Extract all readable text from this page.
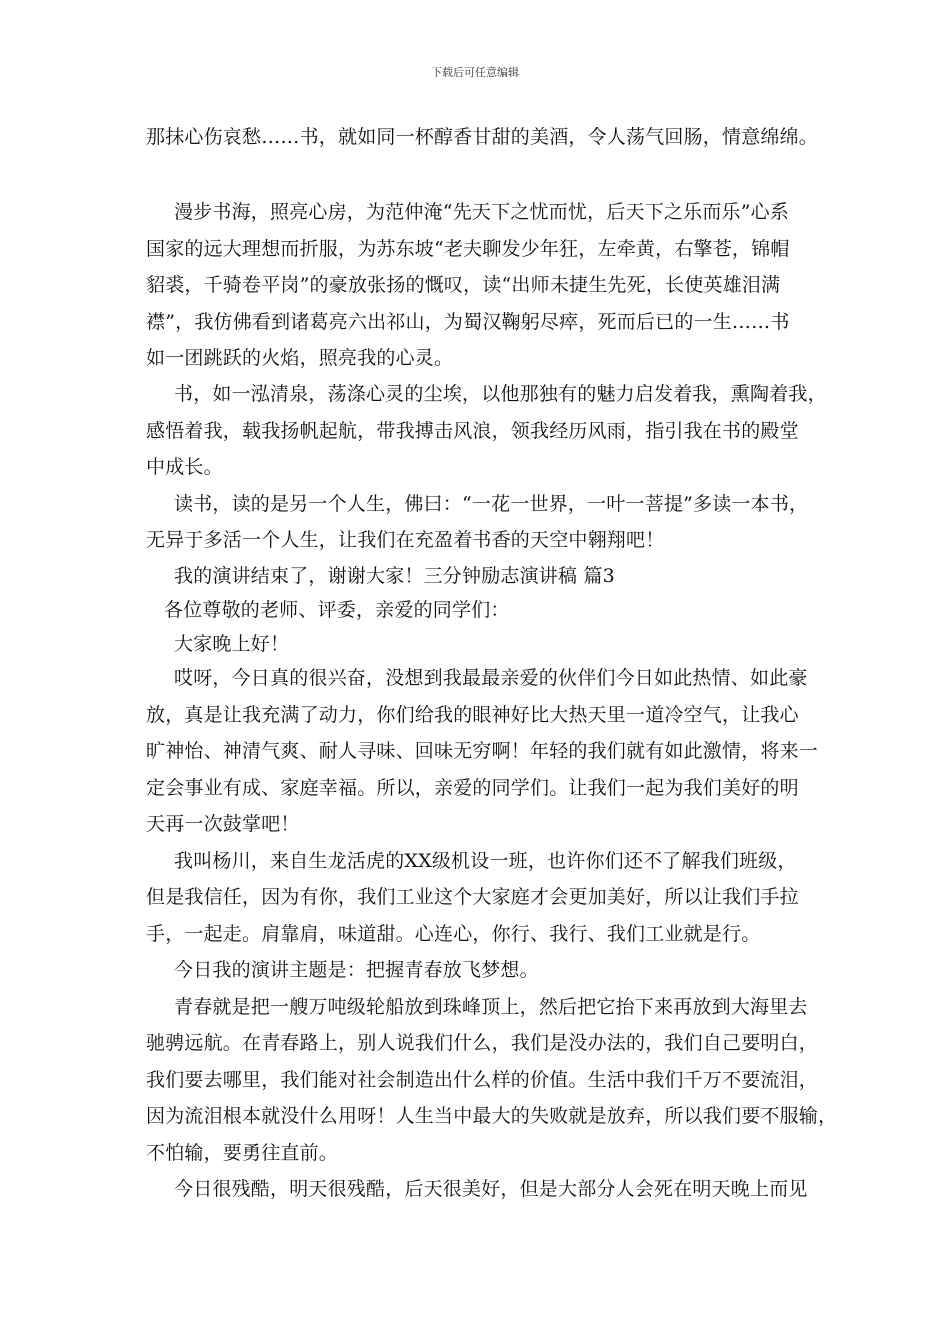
下载后可任意编辑
那抹心伤哀愁……书，就如同一杯醇香甘甜的美酒，令人荡气回肠，情意绵绵。
漫步书海，照亮心房，为范仲淹“先天下之忧而忧，后天下之乐而乐”心系
国家的远大理想而折服，为苏东坡“老夫聊发少年狂，左牵黄，右擎苍，锦帽
貂裘，千骑卷平岗”的豪放张扬的慨叹，读“出师未捷生先死，长使英雄泪满
襟”，我仿佛看到诸葛亮六出祁山，为蜀汉鞠躬尽瘁，死而后已的一生……书
如一团跳跃的火焰，照亮我的心灵。
书，如一泓清泉，荡涤心灵的尘埃，以他那独有的魅力启发着我，熏陶着我，
感悟着我，载我扬帆起航，带我搏击风浪，领我经历风雨，指引我在书的殿堂
中成长。
读书，读的是另一个人生，佛曰：“一花一世界，一叶一菩提”多读一本书，
无异于多活一个人生，让我们在充盈着书香的天空中翱翔吧！
我的演讲结束了，谢谢大家！三分钟励志演讲稿 篇3
各位尊敬的老师、评委，亲爱的同学们：
大家晚上好！
哎呀，今日真的很兴奋，没想到我最最亲爱的伙伴们今日如此热情、如此豪
放，真是让我充满了动力，你们给我的眼神好比大热天里一道冷空气，让我心
旷神怡、神清气爽、耐人寻味、回味无穷啊！年轻的我们就有如此激情，将来一
定会事业有成、家庭幸福。所以，亲爱的同学们。让我们一起为我们美好的明
天再一次鼓掌吧！
我叫杨川，来自生龙活虎的XX级机设一班，也许你们还不了解我们班级，
但是我信任，因为有你，我们工业这个大家庭才会更加美好，所以让我们手拉
手，一起走。肩靠肩，味道甜。心连心，你行、我行、我们工业就是行。
今日我的演讲主题是：把握青春放飞梦想。
青春就是把一艘万吨级轮船放到珠峰顶上，然后把它抬下来再放到大海里去
驰骋远航。在青春路上，别人说我们什么，我们是没办法的，我们自己要明白，
我们要去哪里，我们能对社会制造出什么样的价值。生活中我们千万不要流泪，
因为流泪根本就没什么用呀！人生当中最大的失败就是放弃，所以我们要不服输，
不怕输，要勇往直前。
今日很残酷，明天很残酷，后天很美好，但是大部分人会死在明天晚上而见
